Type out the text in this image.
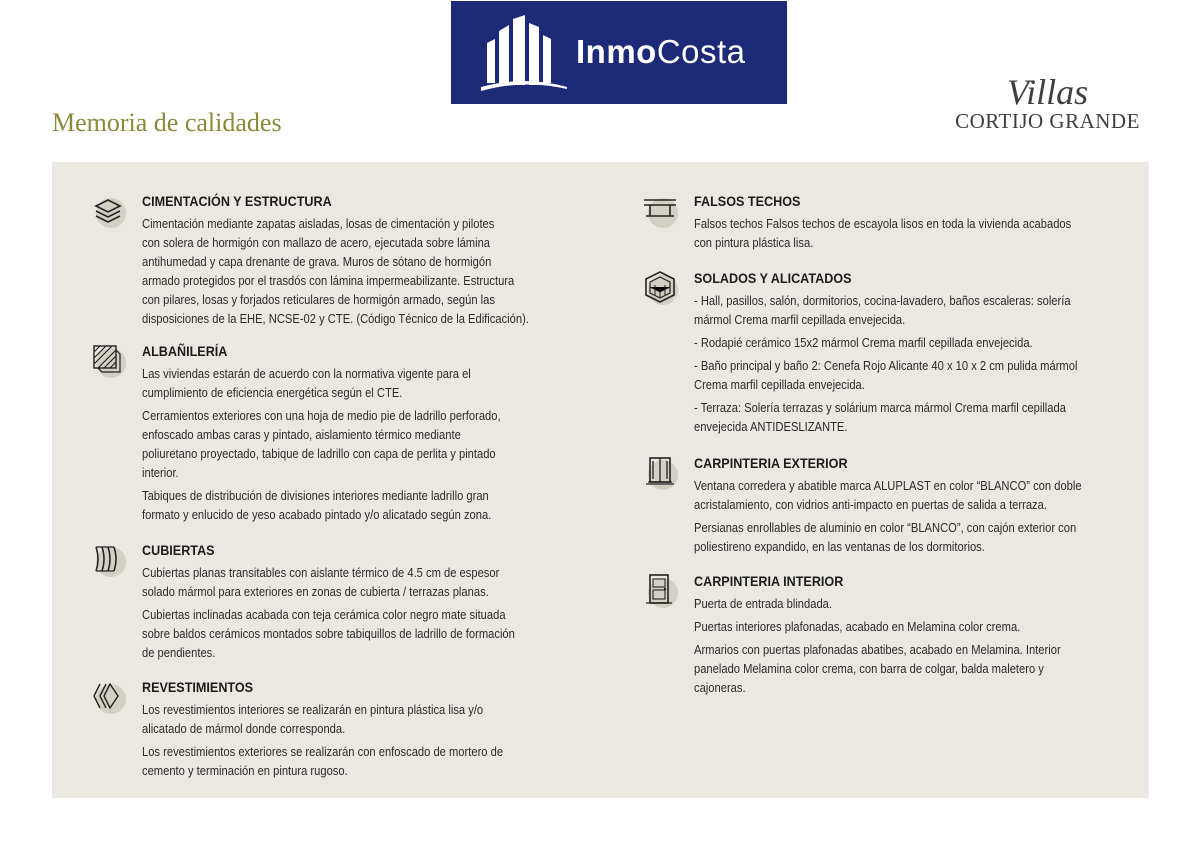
InmoCosta
Memoria de calidades
Villas
CORTIJO GRANDE
CIMENTACIÓN Y ESTRUCTURA
Cimentación mediante zapatas aisladas, losas de cimentación y pilotes
con solera de hormigón con mallazo de acero, ejecutada sobre lámina
antihumedad y capa drenante de grava. Muros de sótano de hormigón
armado protegidos por el trasdós con lámina impermeabilizante. Estructura
con pilares, losas y forjados reticulares de hormigón armado, según las
disposiciones de la EHE, NCSE-02 y CTE. (Código Técnico de la Edificación).
ALBAÑILERÍA
Las viviendas estarán de acuerdo con la normativa vigente para el
cumplimiento de eficiencia energética según el CTE.
Cerramientos exteriores con una hoja de medio pie de ladrillo perforado,
enfoscado ambas caras y pintado, aislamiento térmico mediante
poliuretano proyectado, tabique de ladrillo con capa de perlita y pintado
interior.
Tabiques de distribución de divisiones interiores mediante ladrillo gran
formato y enlucido de yeso acabado pintado y/o alicatado según zona.
CUBIERTAS
Cubiertas planas transitables con aislante térmico de 4.5 cm de espesor
solado mármol para exteriores en zonas de cubierta / terrazas planas.
Cubiertas inclinadas acabada con teja cerámica color negro mate situada
sobre baldos cerámicos montados sobre tabiquillos de ladrillo de formación
de pendientes.
REVESTIMIENTOS
Los revestimientos interiores se realizarán en pintura plástica lisa y/o
alicatado de mármol donde corresponda.
Los revestimientos exteriores se realizarán con enfoscado de mortero de
cemento y terminación en pintura rugoso.
FALSOS TECHOS
Falsos techos Falsos techos de escayola lisos en toda la vivienda acabados
con pintura plástica lisa.
SOLADOS Y ALICATADOS
- Hall, pasillos, salón, dormitorios, cocina-lavadero, baños escaleras: solería
mármol Crema marfil cepillada envejecida.
- Rodapié cerámico 15x2 mármol Crema marfil cepillada envejecida.
- Baño principal y baño 2: Cenefa Rojo Alicante 40 x 10 x 2 cm pulida mármol
Crema marfil cepillada envejecida.
- Terraza: Solería terrazas y solárium marca mármol Crema marfil cepillada
envejecida ANTIDESLIZANTE.
CARPINTERIA EXTERIOR
Ventana corredera y abatible marca ALUPLAST en color “BLANCO” con doble
acristalamiento, con vidrios anti-impacto en puertas de salida a terraza.
Persianas enrollables de aluminio en color “BLANCO”, con cajón exterior con
poliestireno expandido, en las ventanas de los dormitorios.
CARPINTERIA INTERIOR
Puerta de entrada blindada.
Puertas interiores plafonadas, acabado en Melamina color crema.
Armarios con puertas plafonadas abatibes, acabado en Melamina. Interior
panelado Melamina color crema, con barra de colgar, balda maletero y
cajoneras.
